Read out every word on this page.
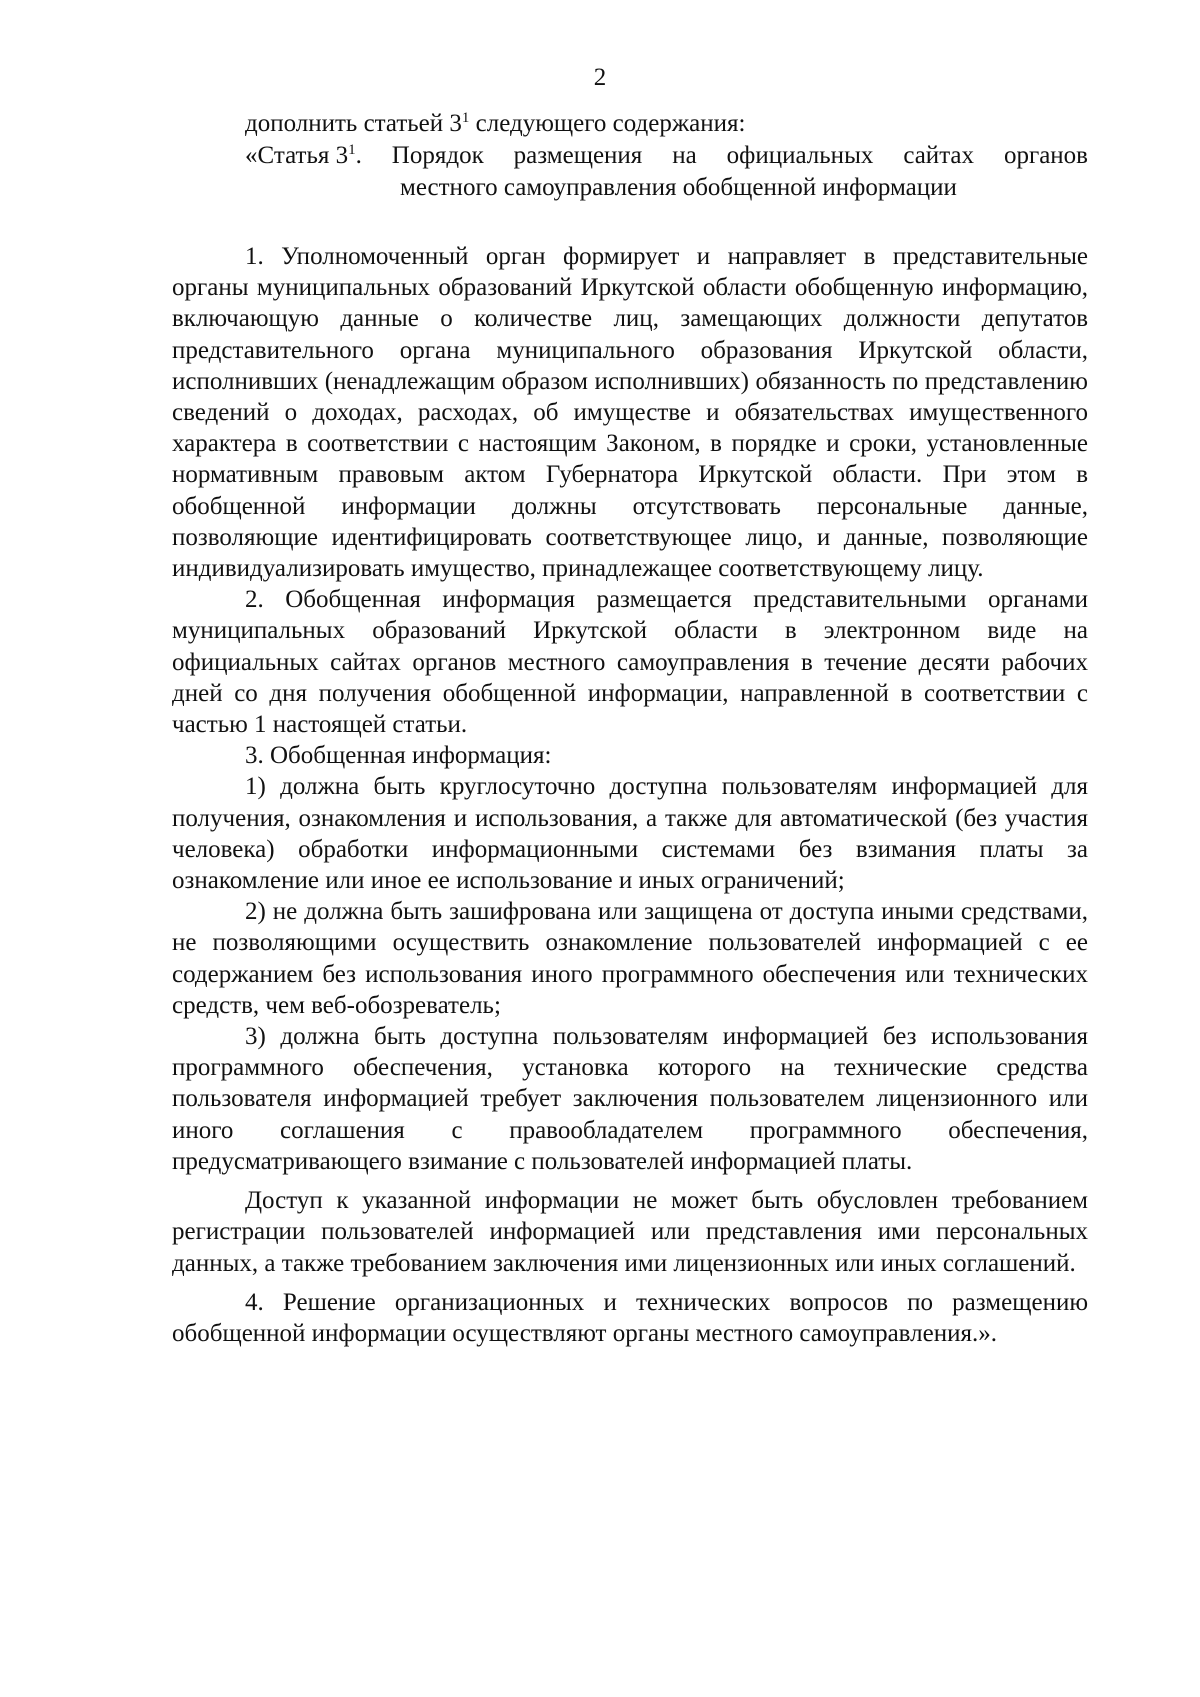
2
дополнить статьей $3^1$ следующего содержания:
«Статья $3^1$. Порядок размещения на официальных сайтах органов
местного самоуправления обобщенной информации

1. Уполномоченный орган формирует и направляет в представительные органы муниципальных образований Иркутской области обобщенную информацию, включающую данные о количестве лиц, замещающих должности депутатов представительного органа муниципального образования Иркутской области, исполнивших (ненадлежащим образом исполнивших) обязанность по представлению сведений о доходах, расходах, об имуществе и обязательствах имущественного характера в соответствии с настоящим Законом, в порядке и сроки, установленные нормативным правовым актом Губернатора Иркутской области. При этом в обобщенной информации должны отсутствовать персональные данные, позволяющие идентифицировать соответствующее лицо, и данные, позволяющие индивидуализировать имущество, принадлежащее соответствующему лицу.

2. Обобщенная информация размещается представительными органами муниципальных образований Иркутской области в электронном виде на официальных сайтах органов местного самоуправления в течение десяти рабочих дней со дня получения обобщенной информации, направленной в соответствии с частью 1 настоящей статьи.

3. Обобщенная информация:

1) должна быть круглосуточно доступна пользователям информацией для получения, ознакомления и использования, а также для автоматической (без участия человека) обработки информационными системами без взимания платы за ознакомление или иное ее использование и иных ограничений;

2) не должна быть зашифрована или защищена от доступа иными средствами, не позволяющими осуществить ознакомление пользователей информацией с ее содержанием без использования иного программного обеспечения или технических средств, чем веб-обозреватель;

3) должна быть доступна пользователям информацией без использования программного обеспечения, установка которого на технические средства пользователя информацией требует заключения пользователем лицензионного или иного соглашения с правообладателем программного обеспечения, предусматривающего взимание с пользователей информацией платы.

Доступ к указанной информации не может быть обусловлен требованием регистрации пользователей информацией или представления ими персональных данных, а также требованием заключения ими лицензионных или иных соглашений.

4. Решение организационных и технических вопросов по размещению обобщенной информации осуществляют органы местного самоуправления.».
